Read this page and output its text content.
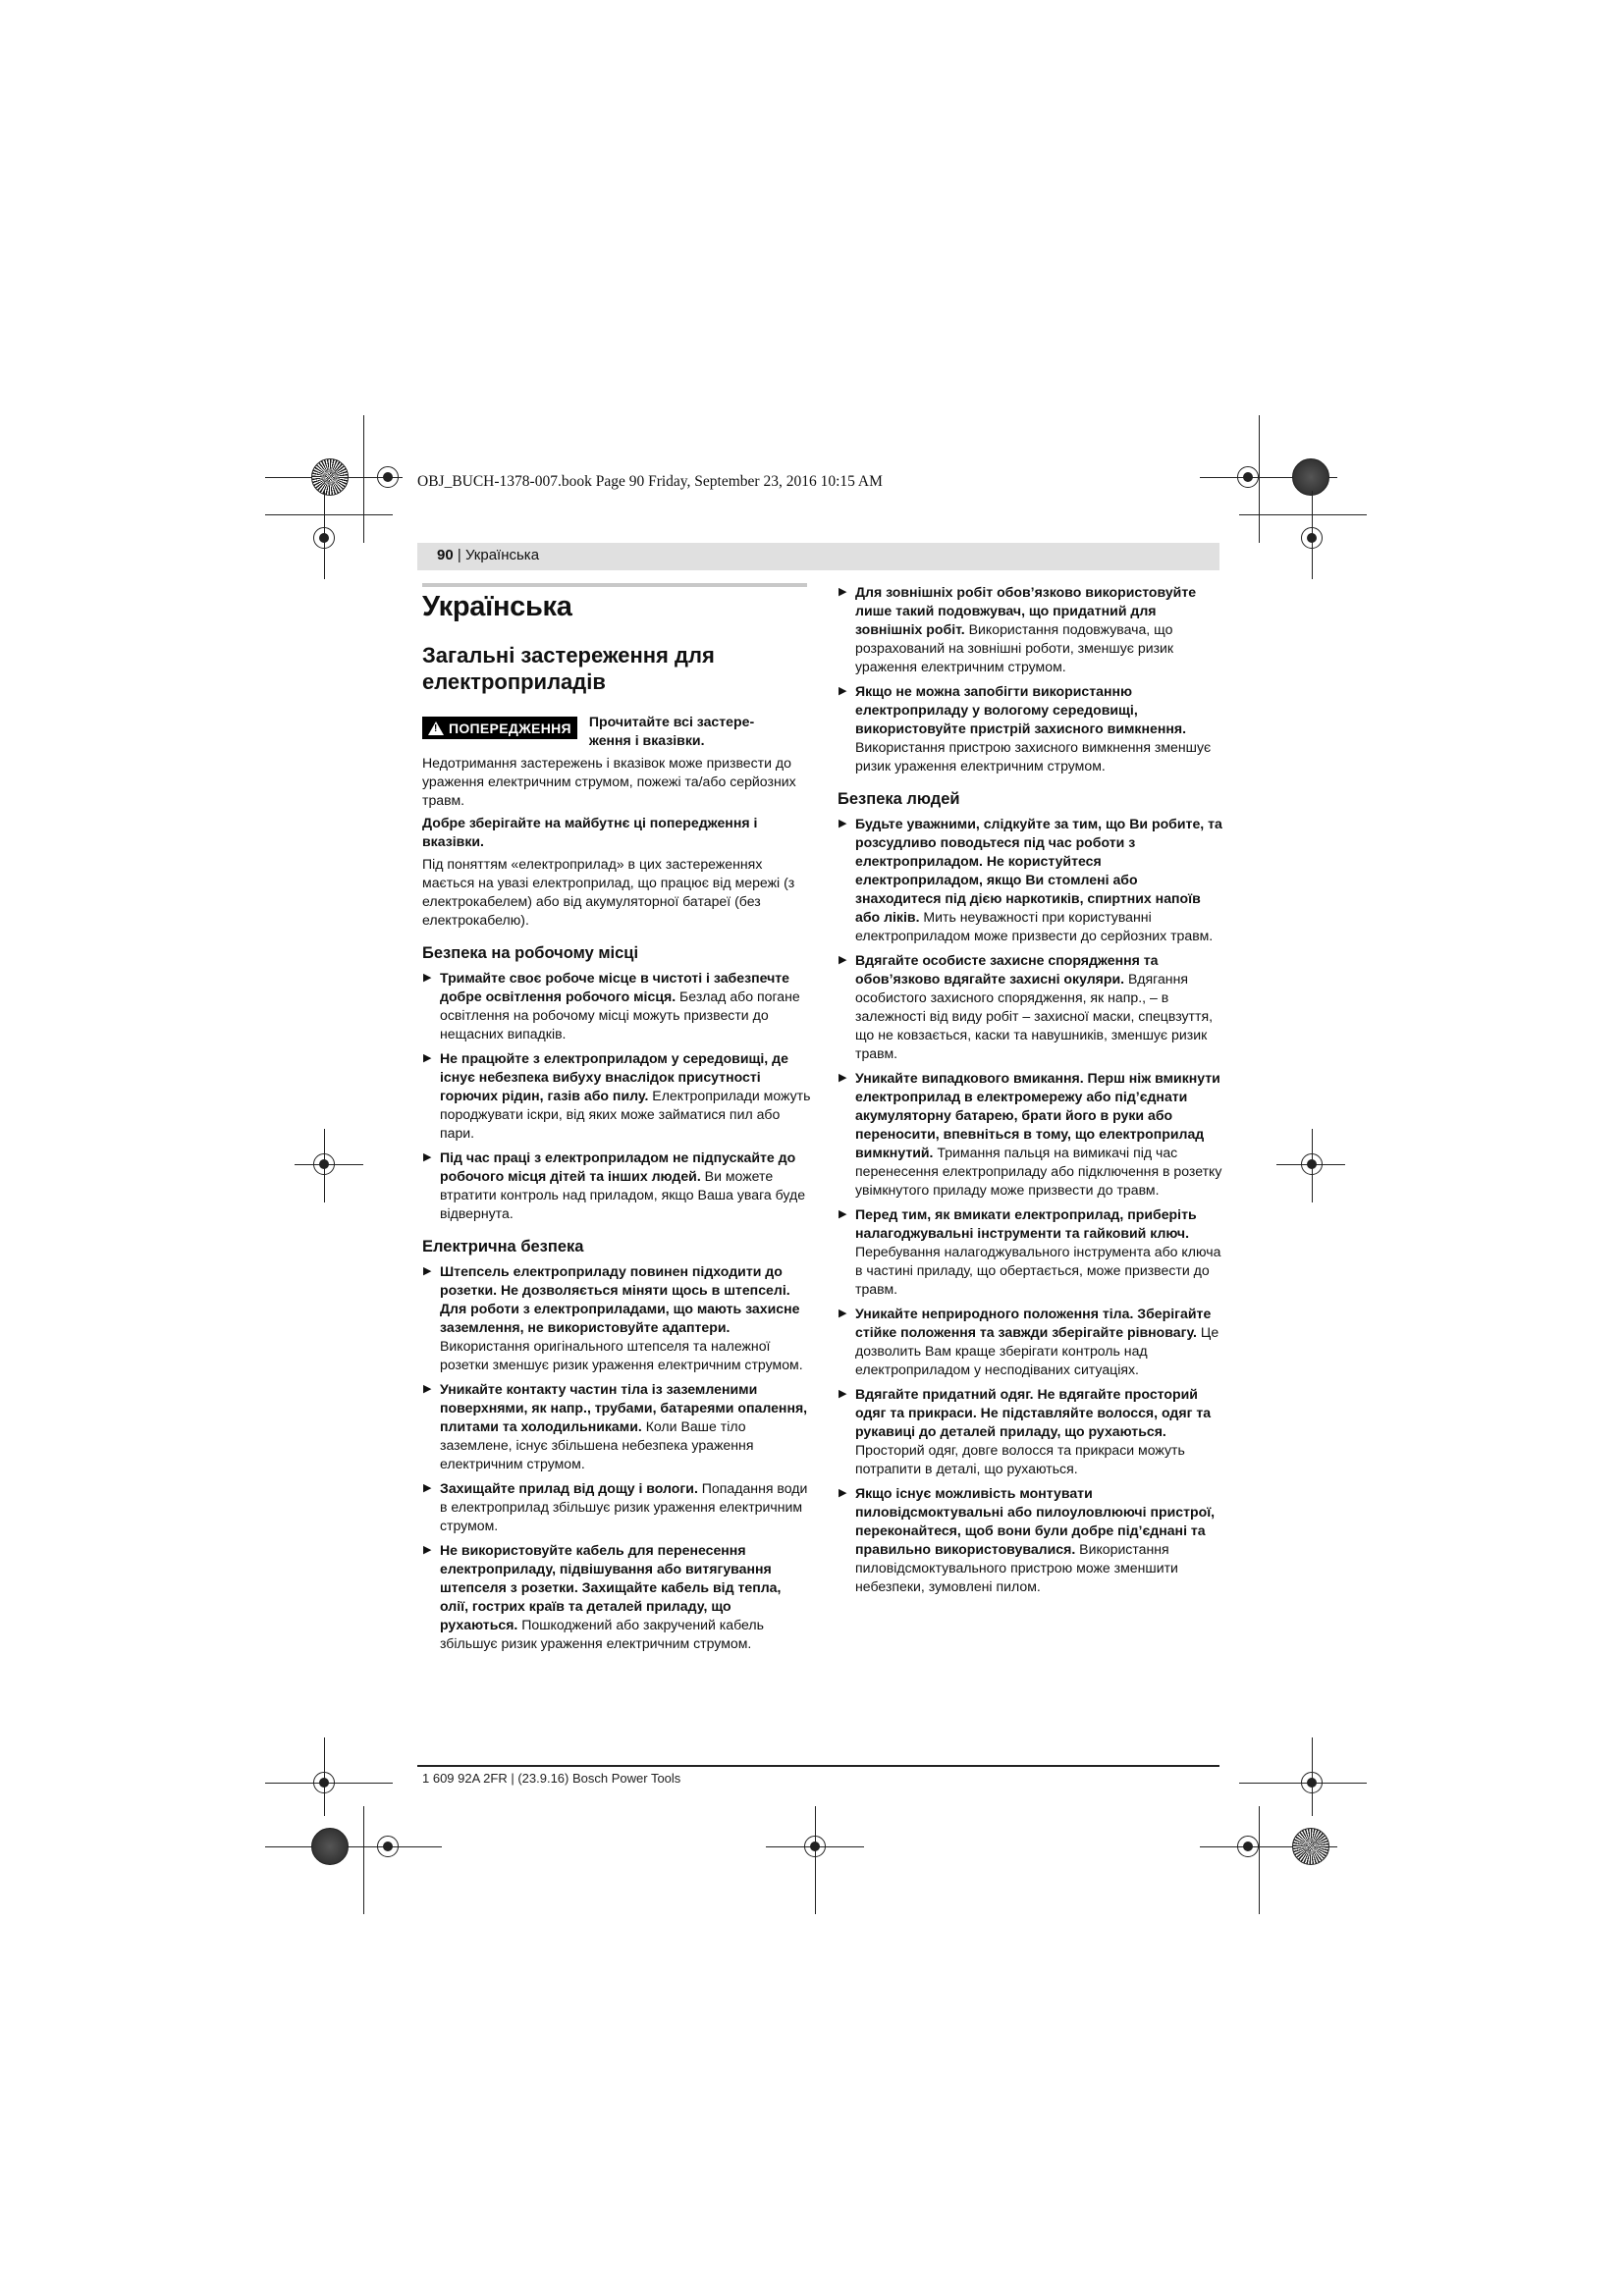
OBJ_BUCH-1378-007.book Page 90 Friday, September 23, 2016 10:15 AM
90 | Українська
Українська
Загальні застереження для електроприладів
!
ПОПЕРЕДЖЕННЯ Прочитайте всі застере-ження і вказівки.

Недотримання застережень і вказівок може призвести до ураження електричним струмом, пожежі та/або серйозних травм.

Добре зберігайте на майбутнє ці попередження і вказівки.

Під поняттям «електроприлад» в цих застереженнях мається на увазі електроприлад, що працює від мережі (з електрокабелем) або від акумуляторної батареї (без електрокабелю).

Безпека на робочому місці
▶ Тримайте своє робоче місце в чистоті і забезпечте добре освітлення робочого місця. Безлад або погане освітлення на робочому місці можуть призвести до нещасних випадків.
▶ Не працюйте з електроприладом у середовищі, де існує небезпека вибуху внаслідок присутності горючих рідин, газів або пилу. Електроприлади можуть породжувати іскри, від яких може займатися пил або пари.
▶ Під час праці з електроприладом не підпускайте до робочого місця дітей та інших людей. Ви можете втратити контроль над приладом, якщо Ваша увага буде відвернута.
Електрична безпека
▶ Штепсель електроприладу повинен підходити до розетки. Не дозволяється міняти щось в штепселі. Для роботи з електроприладами, що мають захисне заземлення, не використовуйте адаптери. Використання оригінального штепселя та належної розетки зменшує ризик ураження електричним струмом.
▶ Уникайте контакту частин тіла із заземленими поверхнями, як напр., трубами, батареями опалення, плитами та холодильниками. Коли Ваше тіло заземлене, існує збільшена небезпека ураження електричним струмом.
▶ Захищайте прилад від дощу і вологи. Попадання води в електроприлад збільшує ризик ураження електричним струмом.
▶ Не використовуйте кабель для перенесення електроприладу, підвішування або витягування штепселя з розетки. Захищайте кабель від тепла, олії, гострих країв та деталей приладу, що рухаються. Пошкоджений або закручений кабель збільшує ризик ураження електричним струмом.
▶ Для зовнішніх робіт обов’язково використовуйте лише такий подовжувач, що придатний для зовнішніх робіт. Використання подовжувача, що розрахований на зовнішні роботи, зменшує ризик ураження електричним струмом.
▶ Якщо не можна запобігти використанню електроприладу у вологому середовищі, використовуйте пристрій захисного вимкнення. Використання пристрою захисного вимкнення зменшує ризик ураження електричним струмом.
Безпека людей
▶ Будьте уважними, слідкуйте за тим, що Ви робите, та розсудливо поводьтеся під час роботи з електроприладом. Не користуйтеся електроприладом, якщо Ви стомлені або знаходитеся під дією наркотиків, спиртних напоїв або ліків. Мить неуважності при користуванні електроприладом може призвести до серйозних травм.
▶ Вдягайте особисте захисне спорядження та обов’язково вдягайте захисні окуляри. Вдягання особистого захисного спорядження, як напр., – в залежності від виду робіт – захисної маски, спецвзуття, що не ковзається, каски та навушників, зменшує ризик травм.
▶ Уникайте випадкового вмикання. Перш ніж вмикнути електроприлад в електромережу або під’єднати акумуляторну батарею, брати його в руки або переносити, впевніться в тому, що електроприлад вимкнутий. Тримання пальця на вимикачі під час перенесення електроприладу або підключення в розетку увімкнутого приладу може призвести до травм.
▶ Перед тим, як вмикати електроприлад, приберіть налагоджувальні інструменти та гайковий ключ. Перебування налагоджувального інструмента або ключа в частині приладу, що обертається, може призвести до травм.
▶ Уникайте неприродного положення тіла. Зберігайте стійке положення та завжди зберігайте рівновагу. Це дозволить Вам краще зберігати контроль над електроприладом у несподіваних ситуаціях.
▶ Вдягайте придатний одяг. Не вдягайте просторий одяг та прикраси. Не підставляйте волосся, одяг та рукавиці до деталей приладу, що рухаються. Просторий одяг, довге волосся та прикраси можуть потрапити в деталі, що рухаються.
▶ Якщо існує можливість монтувати пиловідсмоктувальні або пилоуловлюючі пристрої, переконайтеся, щоб вони були добре під’єднані та правильно використовувалися. Використання пиловідсмоктувального пристрою може зменшити небезпеки, зумовлені пилом.
1 609 92A 2FR | (23.9.16) Bosch Power Tools
